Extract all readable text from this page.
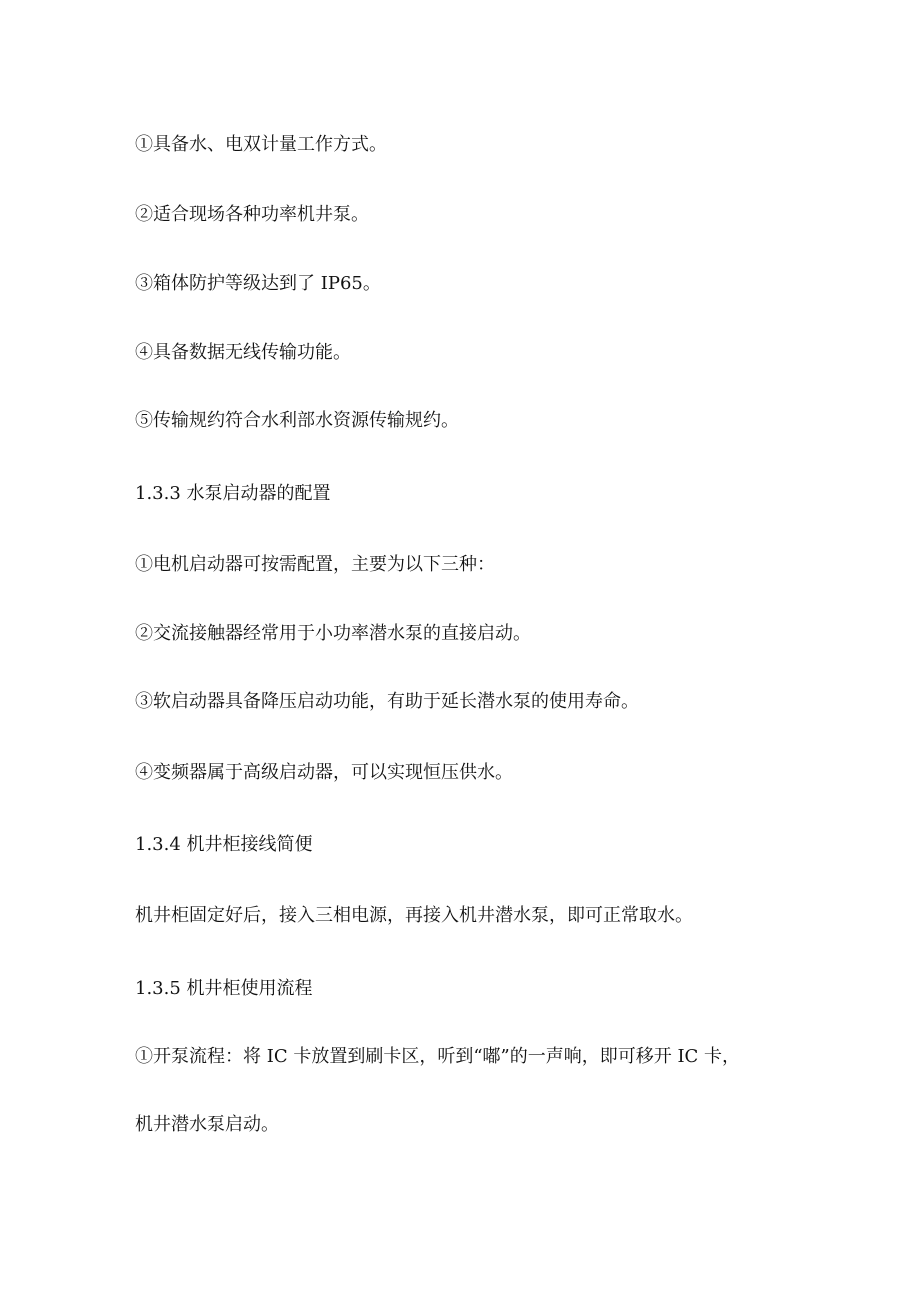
①具备水、电双计量工作方式。
②适合现场各种功率机井泵。
③箱体防护等级达到了 IP65。
④具备数据无线传输功能。
⑤传输规约符合水利部水资源传输规约。
1.3.3 水泵启动器的配置
①电机启动器可按需配置，主要为以下三种：
②交流接触器经常用于小功率潜水泵的直接启动。
③软启动器具备降压启动功能，有助于延长潜水泵的使用寿命。
④变频器属于高级启动器，可以实现恒压供水。
1.3.4 机井柜接线简便
机井柜固定好后，接入三相电源，再接入机井潜水泵，即可正常取水。
1.3.5 机井柜使用流程
①开泵流程：将 IC 卡放置到刷卡区，听到“嘟”的一声响，即可移开 IC 卡，
机井潜水泵启动。
